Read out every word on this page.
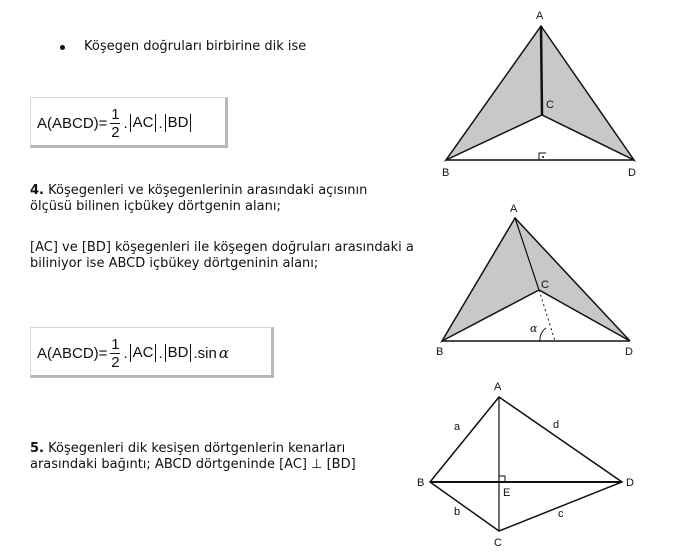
Köşegen doğruları birbirine dik ise
A(ABCD)= $\frac{1}{2}$ . AC . BD
4. Köşegenleri ve köşegenlerinin arasındaki açısının ölçüsü bilinen içbükey dörtgenin alanı;
[AC] ve [BD] köşegenleri ile köşegen doğruları arasındaki a biliniyor ise ABCD içbükey dörtgeninin alanı;
A(ABCD)= $\frac{1}{2}$ . AC . BD .sin α
5. Köşegenleri dik kesişen dörtgenlerin kenarları arasındaki bağıntı; ABCD dörtgeninde [AC] ⊥ [BD]
A
C
B	D
α
A
C
B	D
A
B
C
D
E
a
b	c
d
